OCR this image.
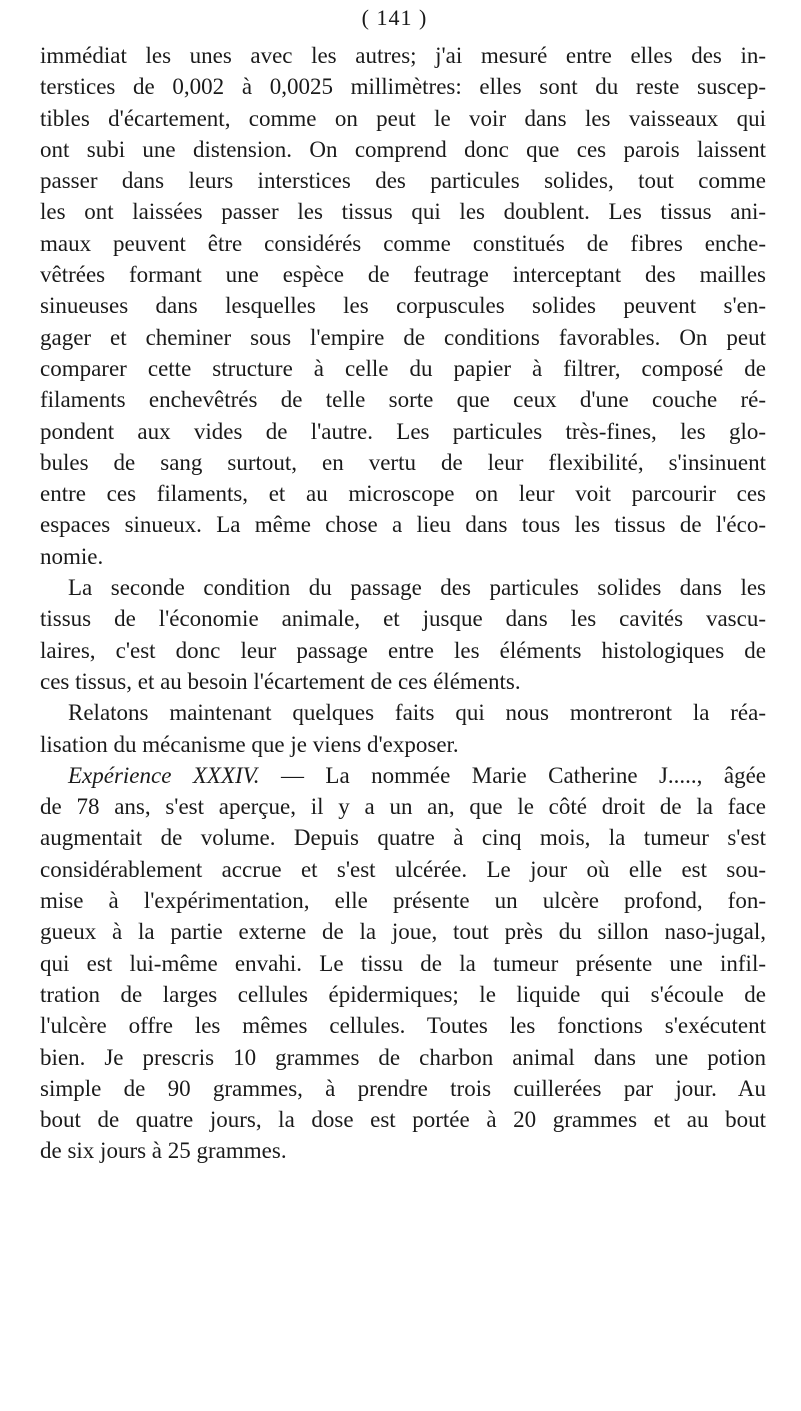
( 141 )
immédiat les unes avec les autres; j'ai mesuré entre elles des in-
terstices de 0,002 à 0,0025 millimètres: elles sont du reste suscep-
tibles d'écartement, comme on peut le voir dans les vaisseaux qui
ont subi une distension. On comprend donc que ces parois laissent
passer dans leurs interstices des particules solides, tout comme
les ont laissées passer les tissus qui les doublent. Les tissus ani-
maux peuvent être considérés comme constitués de fibres enche-
vêtrées formant une espèce de feutrage interceptant des mailles
sinueuses dans lesquelles les corpuscules solides peuvent s'en-
gager et cheminer sous l'empire de conditions favorables. On peut
comparer cette structure à celle du papier à filtrer, composé de
filaments enchevêtrés de telle sorte que ceux d'une couche ré-
pondent aux vides de l'autre. Les particules très-fines, les glo-
bules de sang surtout, en vertu de leur flexibilité, s'insinuent
entre ces filaments, et au microscope on leur voit parcourir ces
espaces sinueux. La même chose a lieu dans tous les tissus de l'éco-
nomie.
La seconde condition du passage des particules solides dans les
tissus de l'économie animale, et jusque dans les cavités vascu-
laires, c'est donc leur passage entre les éléments histologiques de
ces tissus, et au besoin l'écartement de ces éléments.
Relatons maintenant quelques faits qui nous montreront la réa-
lisation du mécanisme que je viens d'exposer.
Expérience XXXIV. — La nommée Marie Catherine J....., âgée
de 78 ans, s'est aperçue, il y a un an, que le côté droit de la face
augmentait de volume. Depuis quatre à cinq mois, la tumeur s'est
considérablement accrue et s'est ulcérée. Le jour où elle est sou-
mise à l'expérimentation, elle présente un ulcère profond, fon-
gueux à la partie externe de la joue, tout près du sillon naso-jugal,
qui est lui-même envahi. Le tissu de la tumeur présente une infil-
tration de larges cellules épidermiques; le liquide qui s'écoule de
l'ulcère offre les mêmes cellules. Toutes les fonctions s'exécutent
bien. Je prescris 10 grammes de charbon animal dans une potion
simple de 90 grammes, à prendre trois cuillerées par jour. Au
bout de quatre jours, la dose est portée à 20 grammes et au bout
de six jours à 25 grammes.
